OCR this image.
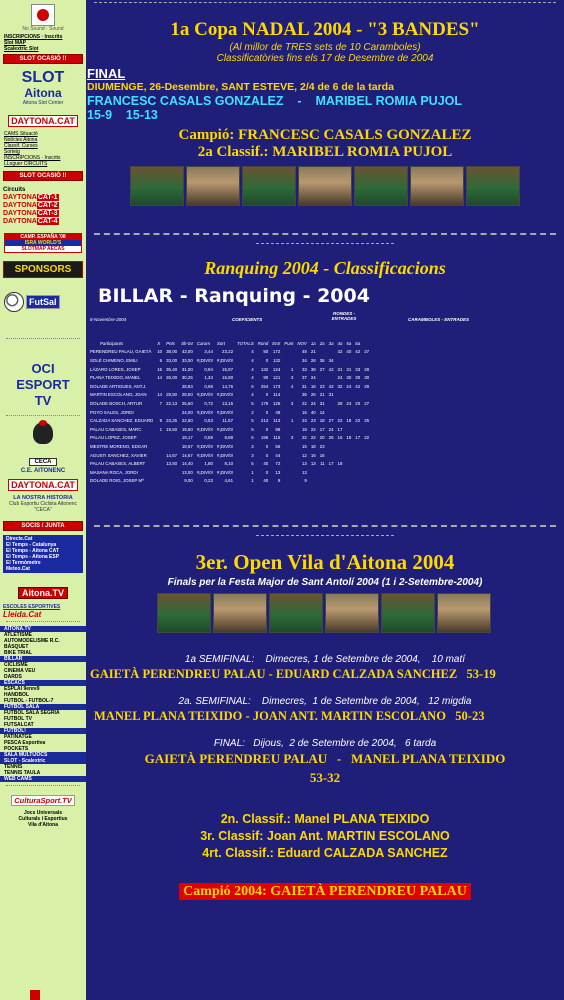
No Sound · Sound
INSCRIPCIONS · Inscrits
Slot MAP
Scalextric Slot
SLOT OCASIÓ !!
SLOT
Aitona
Aitona Slot Center
DAYTONA.CAT
CAMS Situació
Notícies Aitona
Classif. Curses
Sorteig
INSCRIPCIONS · Inscrits
LLoguer CIRCUITS
SLOT OCASIÓ !!
Circuits
DAYTONACAT-1
DAYTONACAT-2
DAYTONACAT-3
DAYTONACAT-4
CAMP. ESPAÑA '08
ISRA WORLD'S
SLOTMAP AECAS
SPONSORS
FutSal
OCI
ESPORT
TV
CECA
C.E. AITONENC
DAYTONA.CAT
LA NOSTRA HISTORIA
Club Esportiu Ciclista Aitonenc "CECA"
SOCIS / JUNTA
Directe.Cat
El Temps - Catalunya
El Temps - Aitona CAT
El Temps - Aitona ESP
El Termòmetre
Meteo.Cat
Aitona.TV
ESCOLES ESPORTIVES
Lleida.Cat
AITONA.TV
ATLETISME
AUTOMODELISME R.C.
BÀSQUET
BIKE TRIAL
BILLAR
CICLISME
CINEMA VEU
DARDS
ESCACS
ESPLAI 9enre9
HANDBOL
FUTBOL - FUTBOL-7
FUTBOL SALA
FUTBOL SALA SEGRIÀ
FUTBOL TV
FUTSALCAT
FUTBOL!
PATINATGE
PESCA Esportiva
POCKETS
SALA MULTIJOCS
SLOT - Scalextric
TENNIS
TENNIS TAULA
WEB CAMS
CulturaSport.TV
Jocs Universals
Culturals i Esportius
Vila d'Aitona
1a Copa NADAL 2004 - "3 BANDES"
(Al millor de TRES sets de 10 Caramboles)
Classificatòries fins els 17 de Desembre de 2004
FINAL
DIUMENGE, 26-Desembre, SANT ESTEVE, 2/4 de 6 de la tarda
FRANCESC CASALS GONZALEZ    -    MARIBEL ROMIA PUJOL
15-9    15-13
Campió: FRANCESC CASALS GONZALEZ
2a Classif.: MARIBEL ROMIA PUJOL
Ranquing 2004 - Classificacions
BILLAR - Ranquing - 2004
8-Novembre-2004	COEFICIENTS
RONDES - ENTRADES	CARAMBOLES - ENTRADES
Participants	X	Pnts	Sh-04	Caram	Sort	TOTALS	Rond	Entr	Punt	NOV	1a	2a	3a	4a	5a	6a	
PERENDREU PALAU, GAIETÀ	10	38,00	43,00	3,44	23,22	4	50	172		48	21			42	40	42	27
SOLÉ CHIMENO, EMILI	6	33,00	33,00	#¡DIV/0!	#¡DIV/0!	4	0	132		34	28	36	34				
LÁZARO LORES, JOSEP	15	35,40	31,00	0,94	15,97	4	132	124	1	33	39	27	42	31	31	33	28
PLANA TEIXIDO, MANEL	14	26,00	30,25	1,34	15,80	4	90	121	3	37	24			24	30	30	30
DOLADE ARTIGUES, ANT.J.			28,83	0,68	14,76	6	254	173	4	31	16	23	42	32	24	42	29
MARTIN ESCOLANO, JOAN	14	28,50	28,50	#¡DIV/0!	#¡DIV/0!	4	0	114		36	26	21	31				
DOLADE BOSCH, ARTUR	7	22,13	25,60	0,72	13,16	5	179	128	3	22	24	31		28	24	20	27
POYO SALES, JORDI			24,00	#¡DIV/0!	#¡DIV/0!	2	0	48		16	40	14					
CALZADA SANCHEZ, EDUARD	9	23,25	22,60	0,53	11,57	5	213	113	1	24	23	18	27	22	18	22	25
PALAU CABASES, MARC	1	19,60	19,60	#¡DIV/0!	#¡DIV/0!	5	0	98		18	22	17	24	17			
PALAU LOPEZ, JOSEP			19,17	0,59	9,88	6	196	115	3	22	22	20	26	16	18	17	22
MESTRE MORENO, EDGAR			18,67	#¡DIV/0!	#¡DIV/0!	3	0	56		15	18	23					
AGUSTI SANCHEZ, XAVIER		14,67	14,67	#¡DIV/0!	#¡DIV/0!	3	0	44		12	16	16					
PALAU CABASES, ALBERT		13,50	14,40	1,80	8,10	5	40	72		13	13	11	17	18			
MASANA ROCA, JORDI			13,00	#¡DIV/0!	#¡DIV/0!	1	0	13		13							
DOLADE ROIG, JOSEP Mª			9,00	0,23	4,61	1	40	9		9							
3er. Open Vila d'Aitona 2004
Finals per la Festa Major de Sant Antolí 2004 (1 i 2-Setembre-2004)
1a SEMIFINAL:    Dimecres, 1 de Setembre de 2004,    10 matí
GAIETÀ PERENDREU PALAU - EDUARD CALZADA SANCHEZ 53-19
2a. SEMIFINAL:    Dimecres,  1 de Setembre de 2004,   12 migdia
MANEL PLANA TEIXIDO - JOAN ANT. MARTIN ESCOLANO 50-23
FINAL:   Dijous,  2 de Setembre de 2004,   6 tarda
GAIETÀ PERENDREU PALAU   -   MANEL PLANA TEIXIDO
53-32
2n. Classif.: Manel PLANA TEIXIDO
3r. Classif: Joan Ant. MARTIN ESCOLANO
4rt. Classif.: Eduard CALZADA SANCHEZ
Campió 2004: GAIETÀ PERENDREU PALAU
